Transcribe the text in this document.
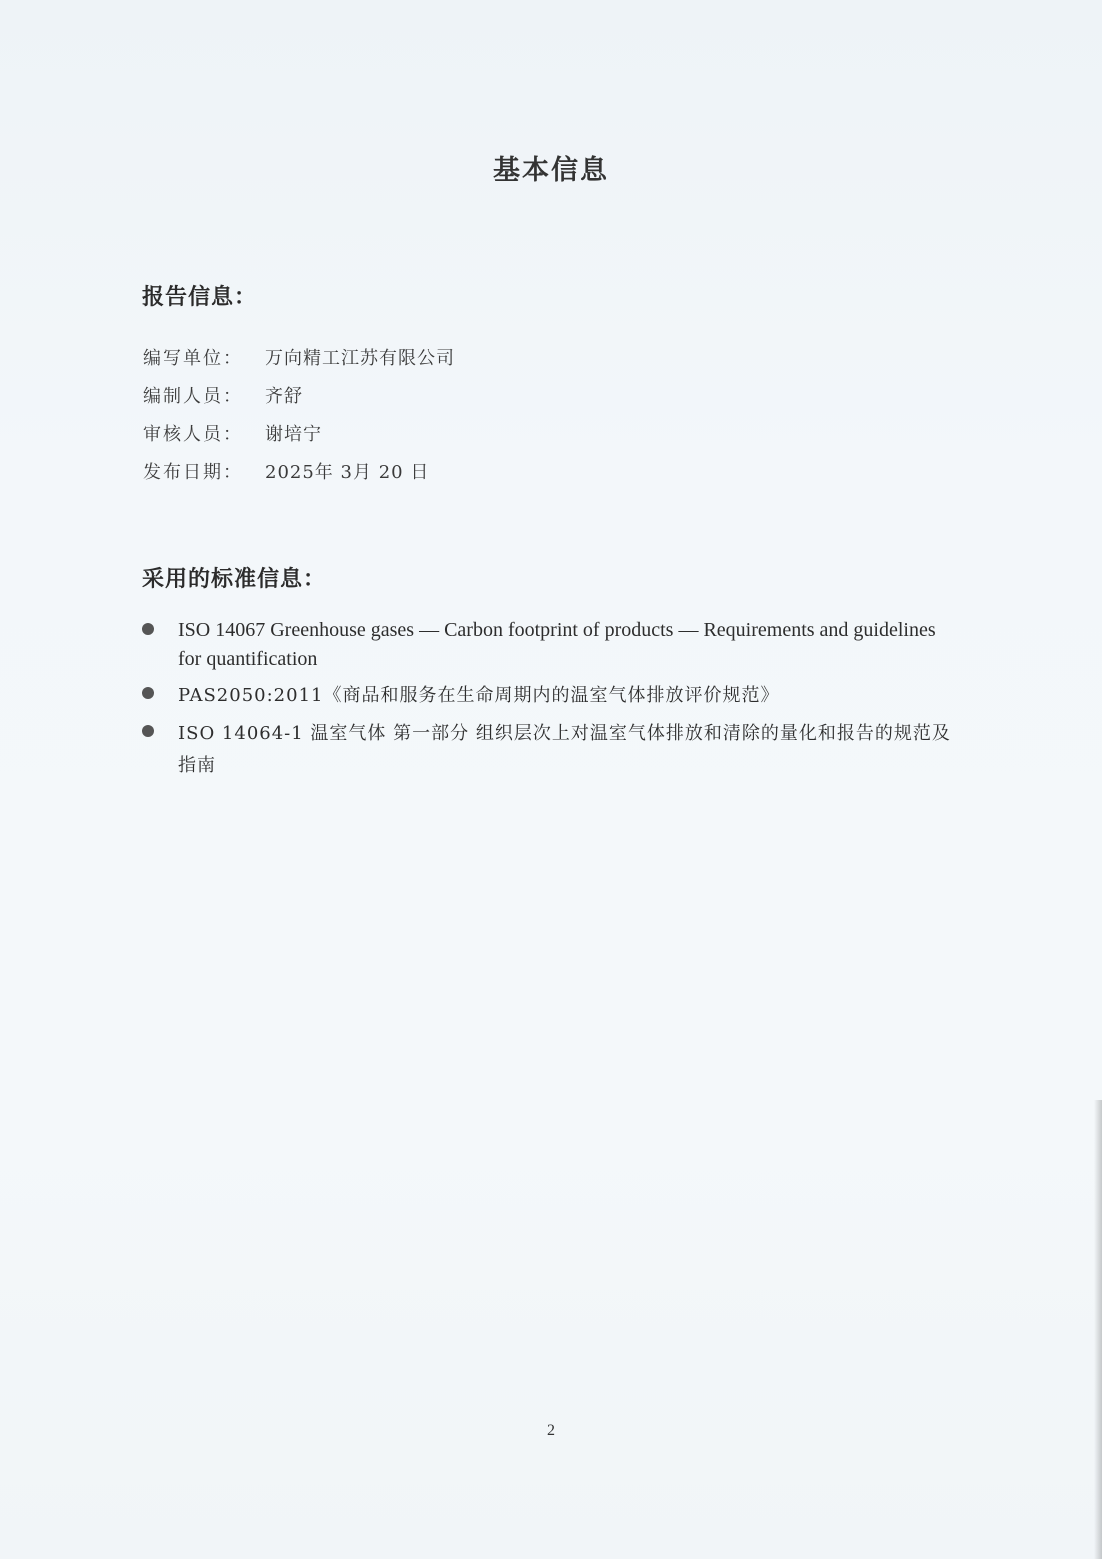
基本信息
报告信息：
编写单位： 万向精工江苏有限公司
编制人员： 齐舒
审核人员： 谢培宁
发布日期： 2025年 3月 20 日
采用的标准信息：
ISO 14067 Greenhouse gases — Carbon footprint of products — Requirements and guidelines for quantification
PAS2050:2011《商品和服务在生命周期内的温室气体排放评价规范》
ISO 14064-1 温室气体 第一部分 组织层次上对温室气体排放和清除的量化和报告的规范及指南
2
